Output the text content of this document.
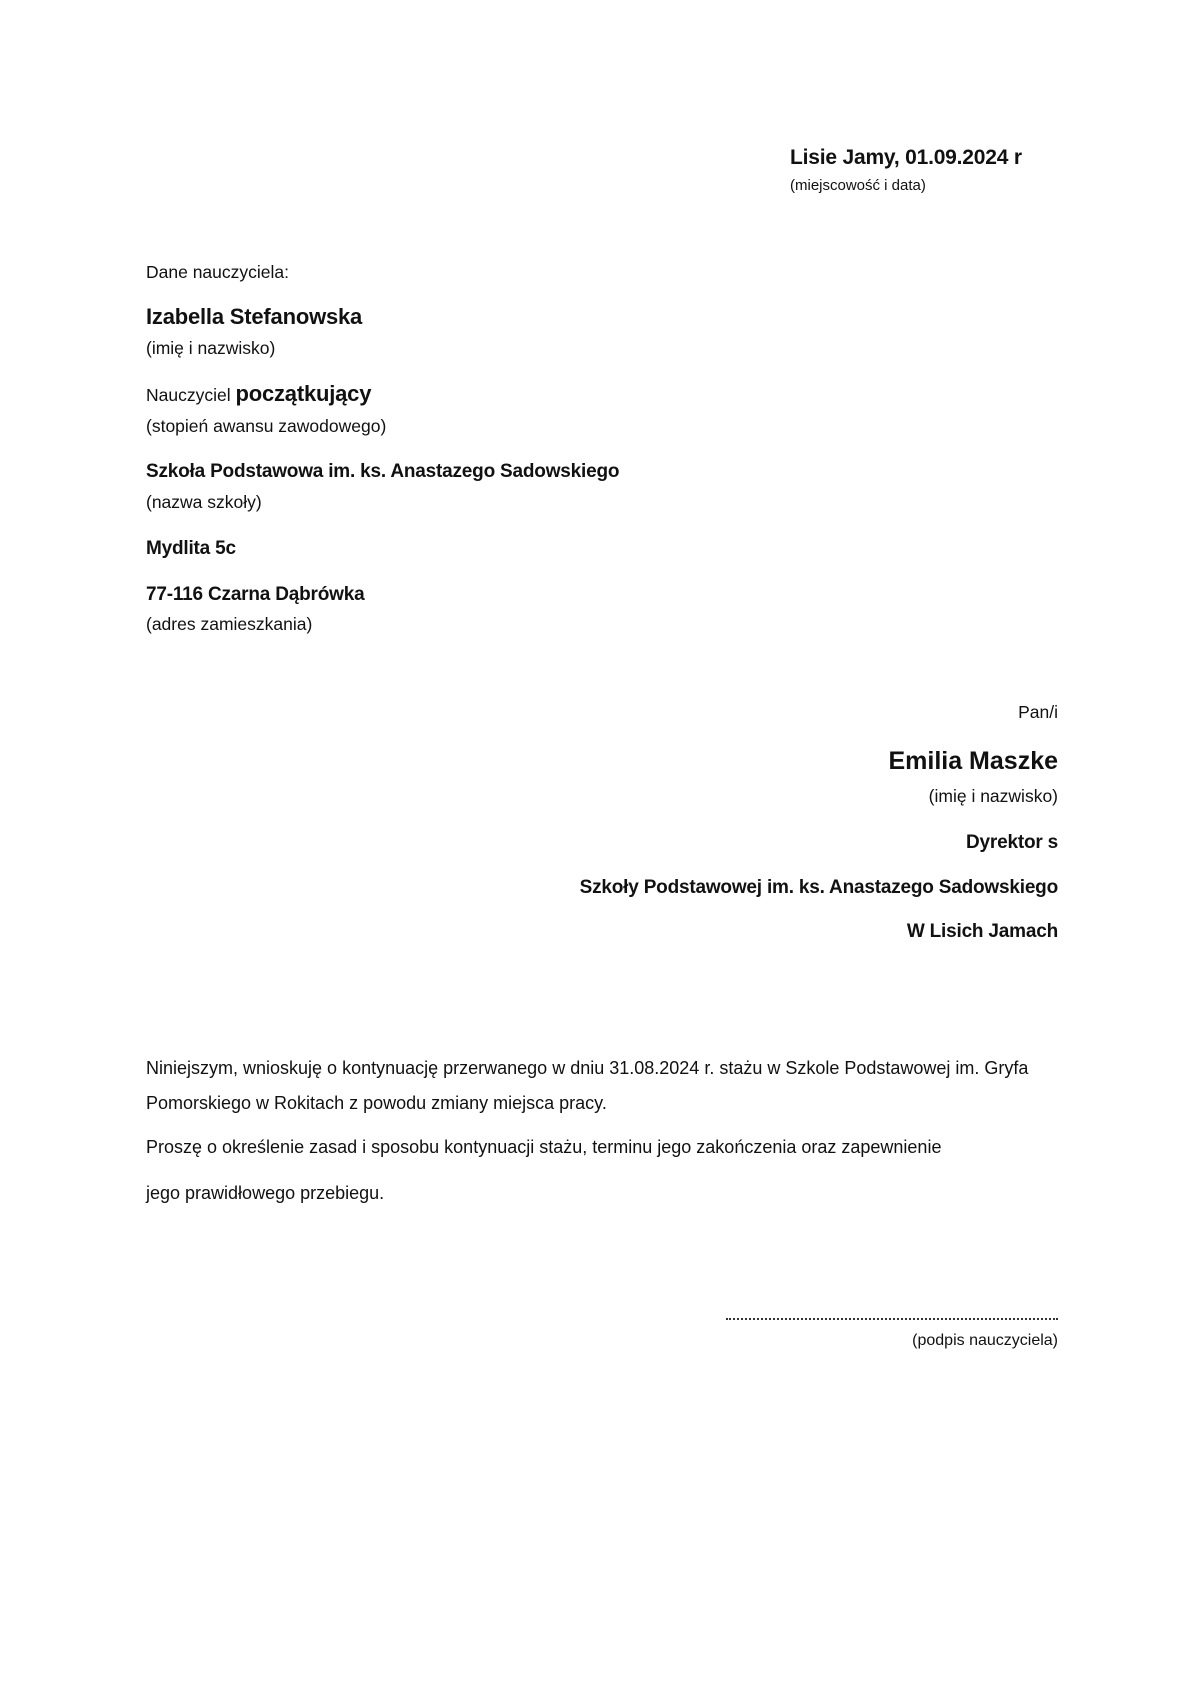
Lisie Jamy, 01.09.2024 r
(miejscowość i data)
Dane nauczyciela:
Izabella Stefanowska
(imię i nazwisko)
Nauczyciel początkujący
(stopień awansu zawodowego)
Szkoła Podstawowa im. ks. Anastazego Sadowskiego
(nazwa szkoły)
Mydlita 5c
77-116 Czarna Dąbrówka
(adres zamieszkania)
Pan/i
Emilia Maszke
(imię i nazwisko)
Dyrektor s
Szkoły Podstawowej im. ks. Anastazego Sadowskiego
W Lisich Jamach
Niniejszym, wnioskuję o kontynuację przerwanego w dniu 31.08.2024 r. stażu w Szkole Podstawowej im. Gryfa Pomorskiego w Rokitach z powodu zmiany miejsca pracy.
Proszę o określenie zasad i sposobu kontynuacji stażu, terminu jego zakończenia oraz zapewnienie
jego prawidłowego przebiegu.
(podpis nauczyciela)
